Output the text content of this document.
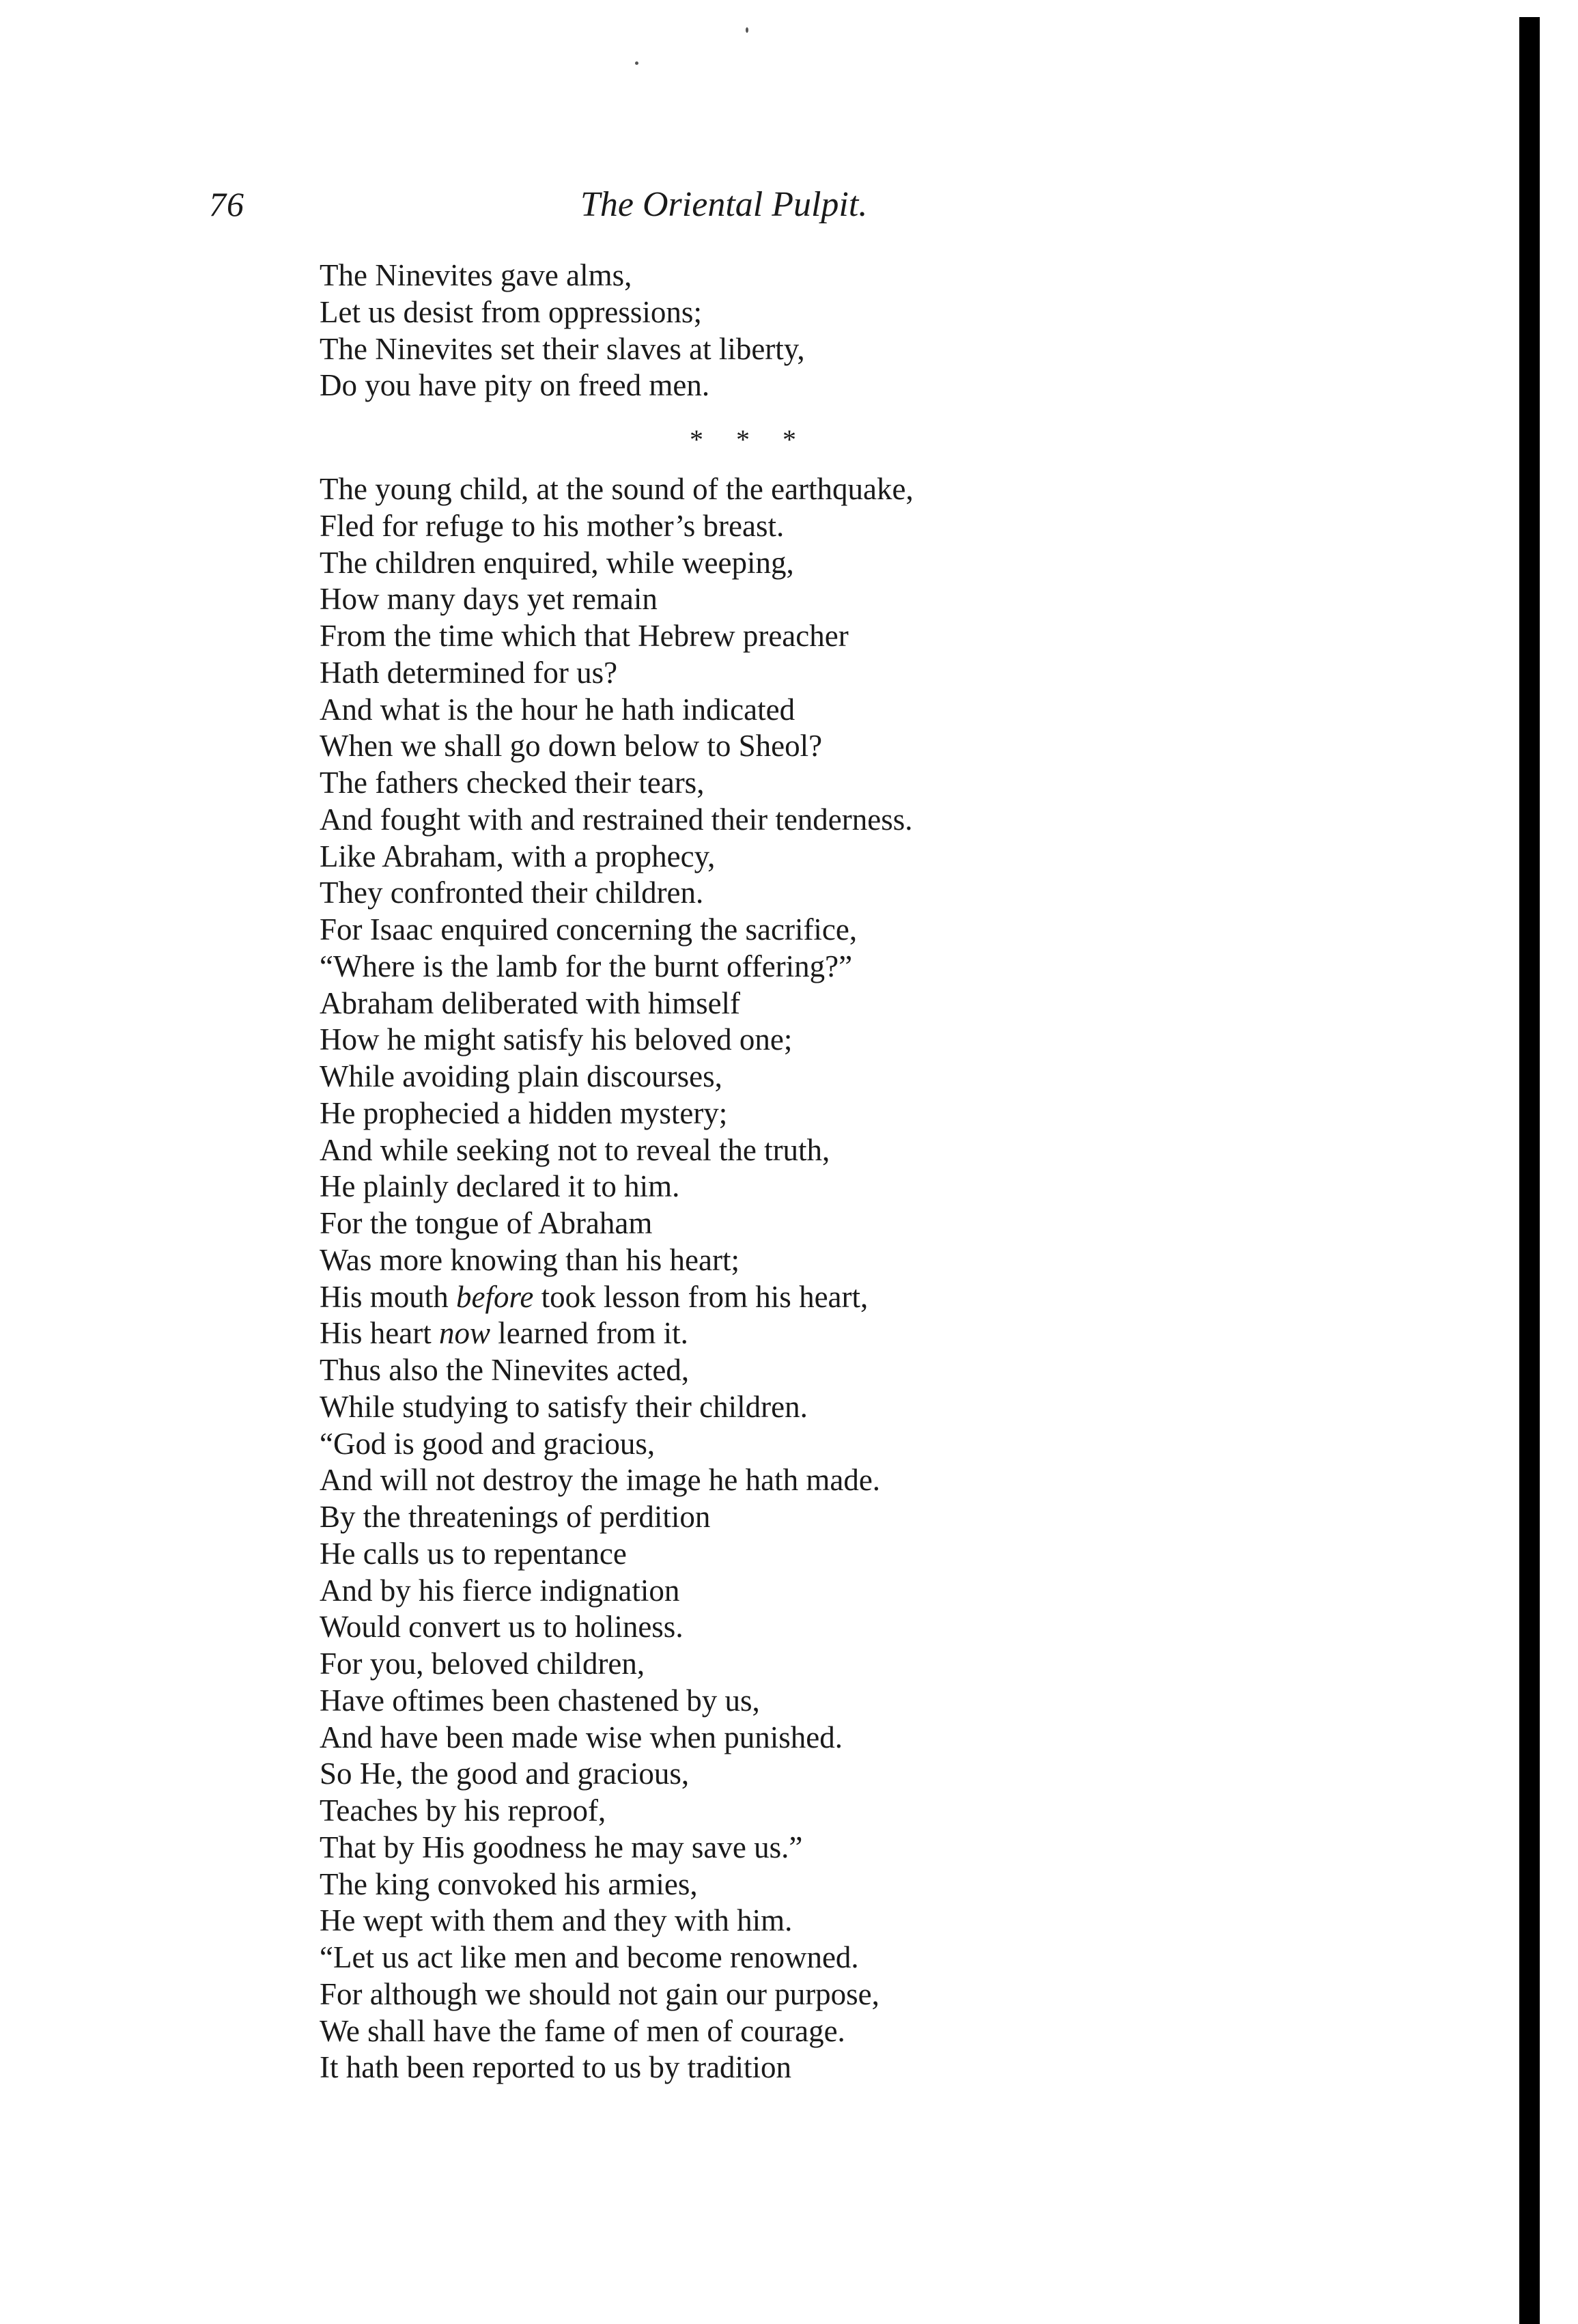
76	The Oriental Pulpit.
The Ninevites gave alms,
Let us desist from oppressions;
The Ninevites set their slaves at liberty,
Do you have pity on freed men.
* * *
The young child, at the sound of the earthquake,
Fled for refuge to his mother’s breast.
The children enquired, while weeping,
How many days yet remain
From the time which that Hebrew preacher
Hath determined for us?
And what is the hour he hath indicated
When we shall go down below to Sheol?
The fathers checked their tears,
And fought with and restrained their tenderness.
Like Abraham, with a prophecy,
They confronted their children.
For Isaac enquired concerning the sacrifice,
“Where is the lamb for the burnt offering?”
Abraham deliberated with himself
How he might satisfy his beloved one;
While avoiding plain discourses,
He prophecied a hidden mystery;
And while seeking not to reveal the truth,
He plainly declared it to him.
For the tongue of Abraham
Was more knowing than his heart;
His mouth before took lesson from his heart,
His heart now learned from it.
Thus also the Ninevites acted,
While studying to satisfy their children.
“God is good and gracious,
And will not destroy the image he hath made.
By the threatenings of perdition
He calls us to repentance
And by his fierce indignation
Would convert us to holiness.
For you, beloved children,
Have oftimes been chastened by us,
And have been made wise when punished.
So He, the good and gracious,
Teaches by his reproof,
That by His goodness he may save us.”
The king convoked his armies,
He wept with them and they with him.
“Let us act like men and become renowned.
For although we should not gain our purpose,
We shall have the fame of men of courage.
It hath been reported to us by tradition
